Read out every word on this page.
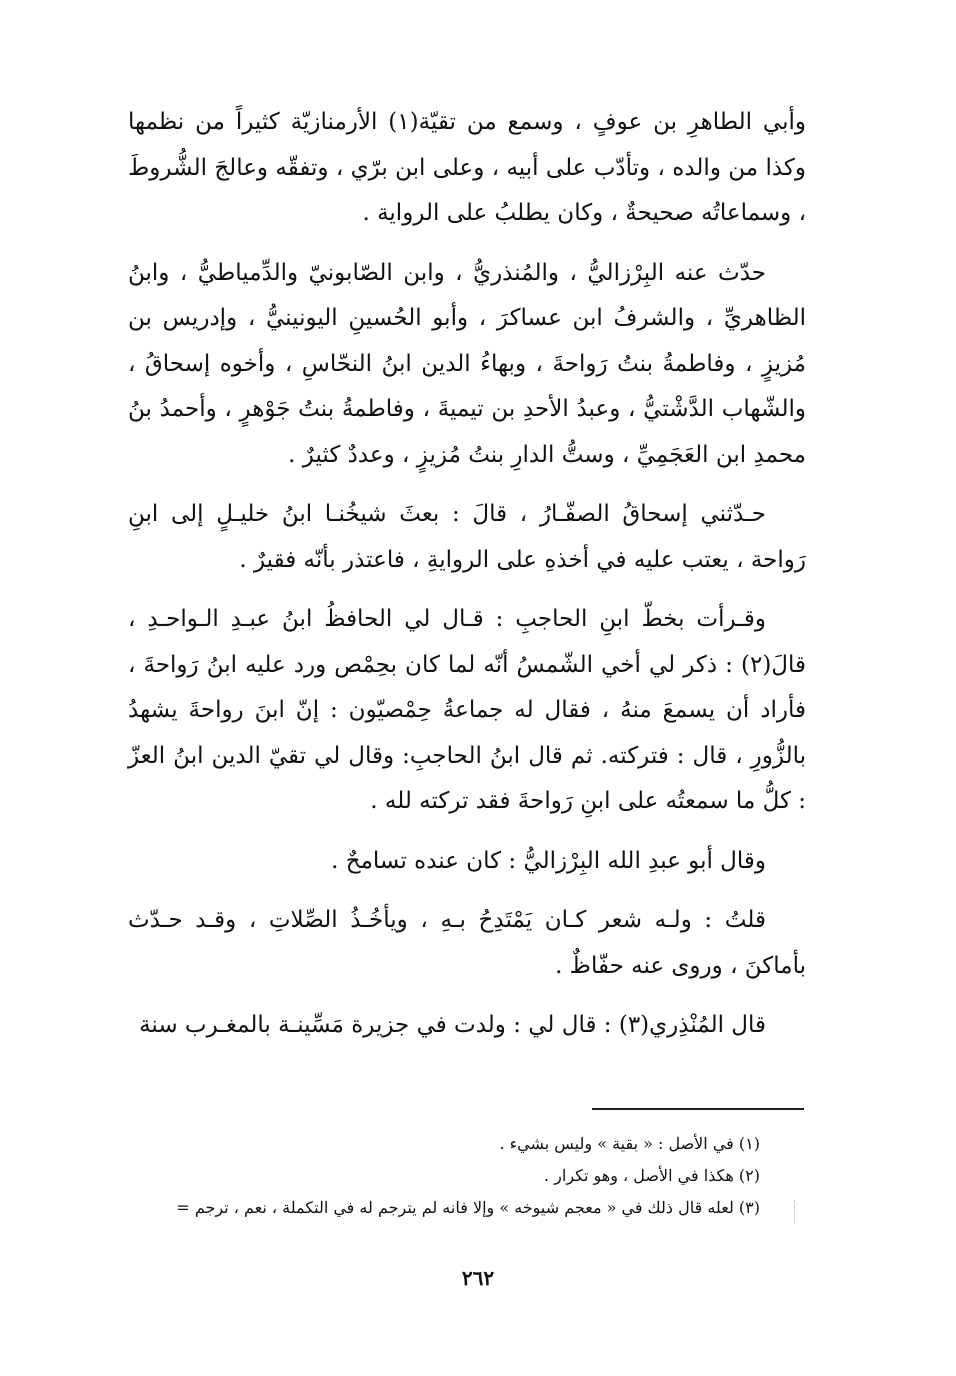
وأبي الطاهرِ بن عوفٍ ، وسمع من تقيّة(١) الأرمنازيّة كثيراً من نظمها وكذا من والده ، وتأدّب على أبيه ، وعلى ابن برّي ، وتفقّه وعالجَ الشُّروطَ ، وسماعاتُه صحيحةٌ ، وكان يطلبُ على الرواية .

حدّث عنه البِرْزاليُّ ، والمُنذريُّ ، وابن الصّابونيّ والدِّمياطيُّ ، وابنُ الظاهريِّ ، والشرفُ ابن عساكرَ ، وأبو الحُسينِ اليونينيُّ ، وإدريس بن مُزيزٍ ، وفاطمةُ بنتُ رَواحةَ ، وبهاءُ الدين ابنُ النحّاسِ ، وأخوه إسحاقُ ، والشّهاب الدَّشْتيُّ ، وعبدُ الأحدِ بن تيميةَ ، وفاطمةُ بنتُ جَوْهرٍ ، وأحمدُ بنُ محمدِ ابن العَجَمِيِّ ، وستُّ الدارِ بنتُ مُزيزٍ ، وعددٌ كثيرٌ .

حـدّثني إسحاقُ الصفّـارُ ، قالَ : بعثَ شيخُنـا ابنُ خليـلٍ إلى ابنِ رَواحة ، يعتب عليه في أخذهِ على الروايةِ ، فاعتذر بأنّه فقيرٌ .

وقـرأت بخطّ ابنِ الحاجبِ : قـال لي الحافظُ ابنُ عبـدِ الـواحـدِ ، قالَ(٢) : ذكر لي أخي الشّمسُ أنّه لما كان بحِمْص ورد عليه ابنُ رَواحةَ ، فأراد أن يسمعَ منهُ ، فقال له جماعةُ حِمْصيّون : إنّ ابنَ رواحةَ يشهدُ بالزُّورِ ، قال : فتركته. ثم قال ابنُ الحاجبِ: وقال لي تقيّ الدين ابنُ العزّ : كلُّ ما سمعتُه على ابنِ رَواحةَ فقد تركته لله .

وقال أبو عبدِ الله البِرْزاليُّ : كان عنده تسامحٌ .

قلتُ : ولـه شعر كـان يَمْتَدِحُ بـهِ ، ويأخُـذُ الصِّلاتِ ، وقـد حـدّث بأماكنَ ، وروى عنه حفّاظٌ .

قال المُنْذِري(٣) : قال لي : ولدت في جزيرة مَسِّينـة بالمغـرب سنة

(١) في الأصل : « بقية » وليس بشيء .

(٢) هكذا في الأصل ، وهو تكرار .

(٣) لعله قال ذلك في « معجم شيوخه » وإلا فانه لم يترجم له في التكملة ، نعم ، ترجم =

٢٦٢
